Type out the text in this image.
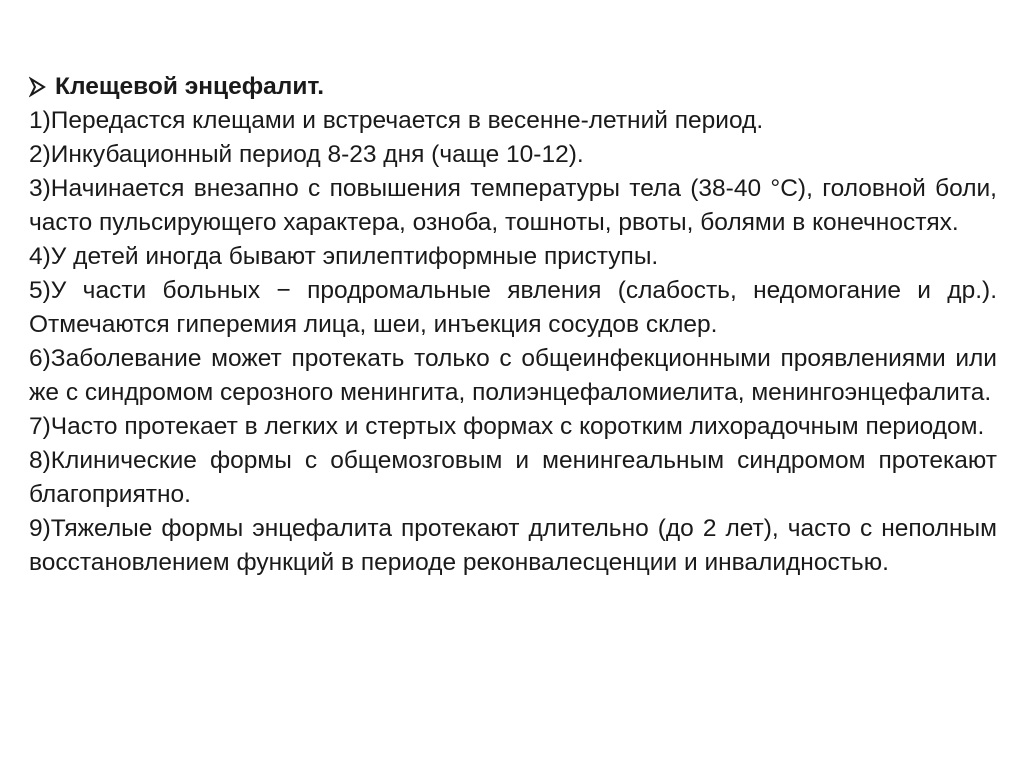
Клещевой энцефалит.

1)Передастся клещами и встречается в весенне-летний период.

2)Инкубационный период 8-23 дня (чаще 10-12).

3)Начинается внезапно с повышения температуры тела (38-40 °С), головной боли, часто пульсирующего характера, озноба, тошноты, рвоты, болями в конечностях.

4)У детей иногда бывают эпилептиформные приступы.

5)У части больных − продромальные явления (слабость, недомогание и др.). Отмечаются гиперемия лица, шеи, инъекция сосудов склер.

6)Заболевание может протекать только с общеинфекционными проявлениями или же с синдромом серозного менингита, полиэнцефаломиелита, менингоэнцефалита.

7)Часто протекает в легких и стертых формах с коротким лихорадочным периодом.

8)Клинические формы с общемозговым и менингеальным синдромом протекают благоприятно.

9)Тяжелые формы энцефалита протекают длительно (до 2 лет), часто с неполным восстановлением функций в периоде реконвалесценции и инвалидностью.
